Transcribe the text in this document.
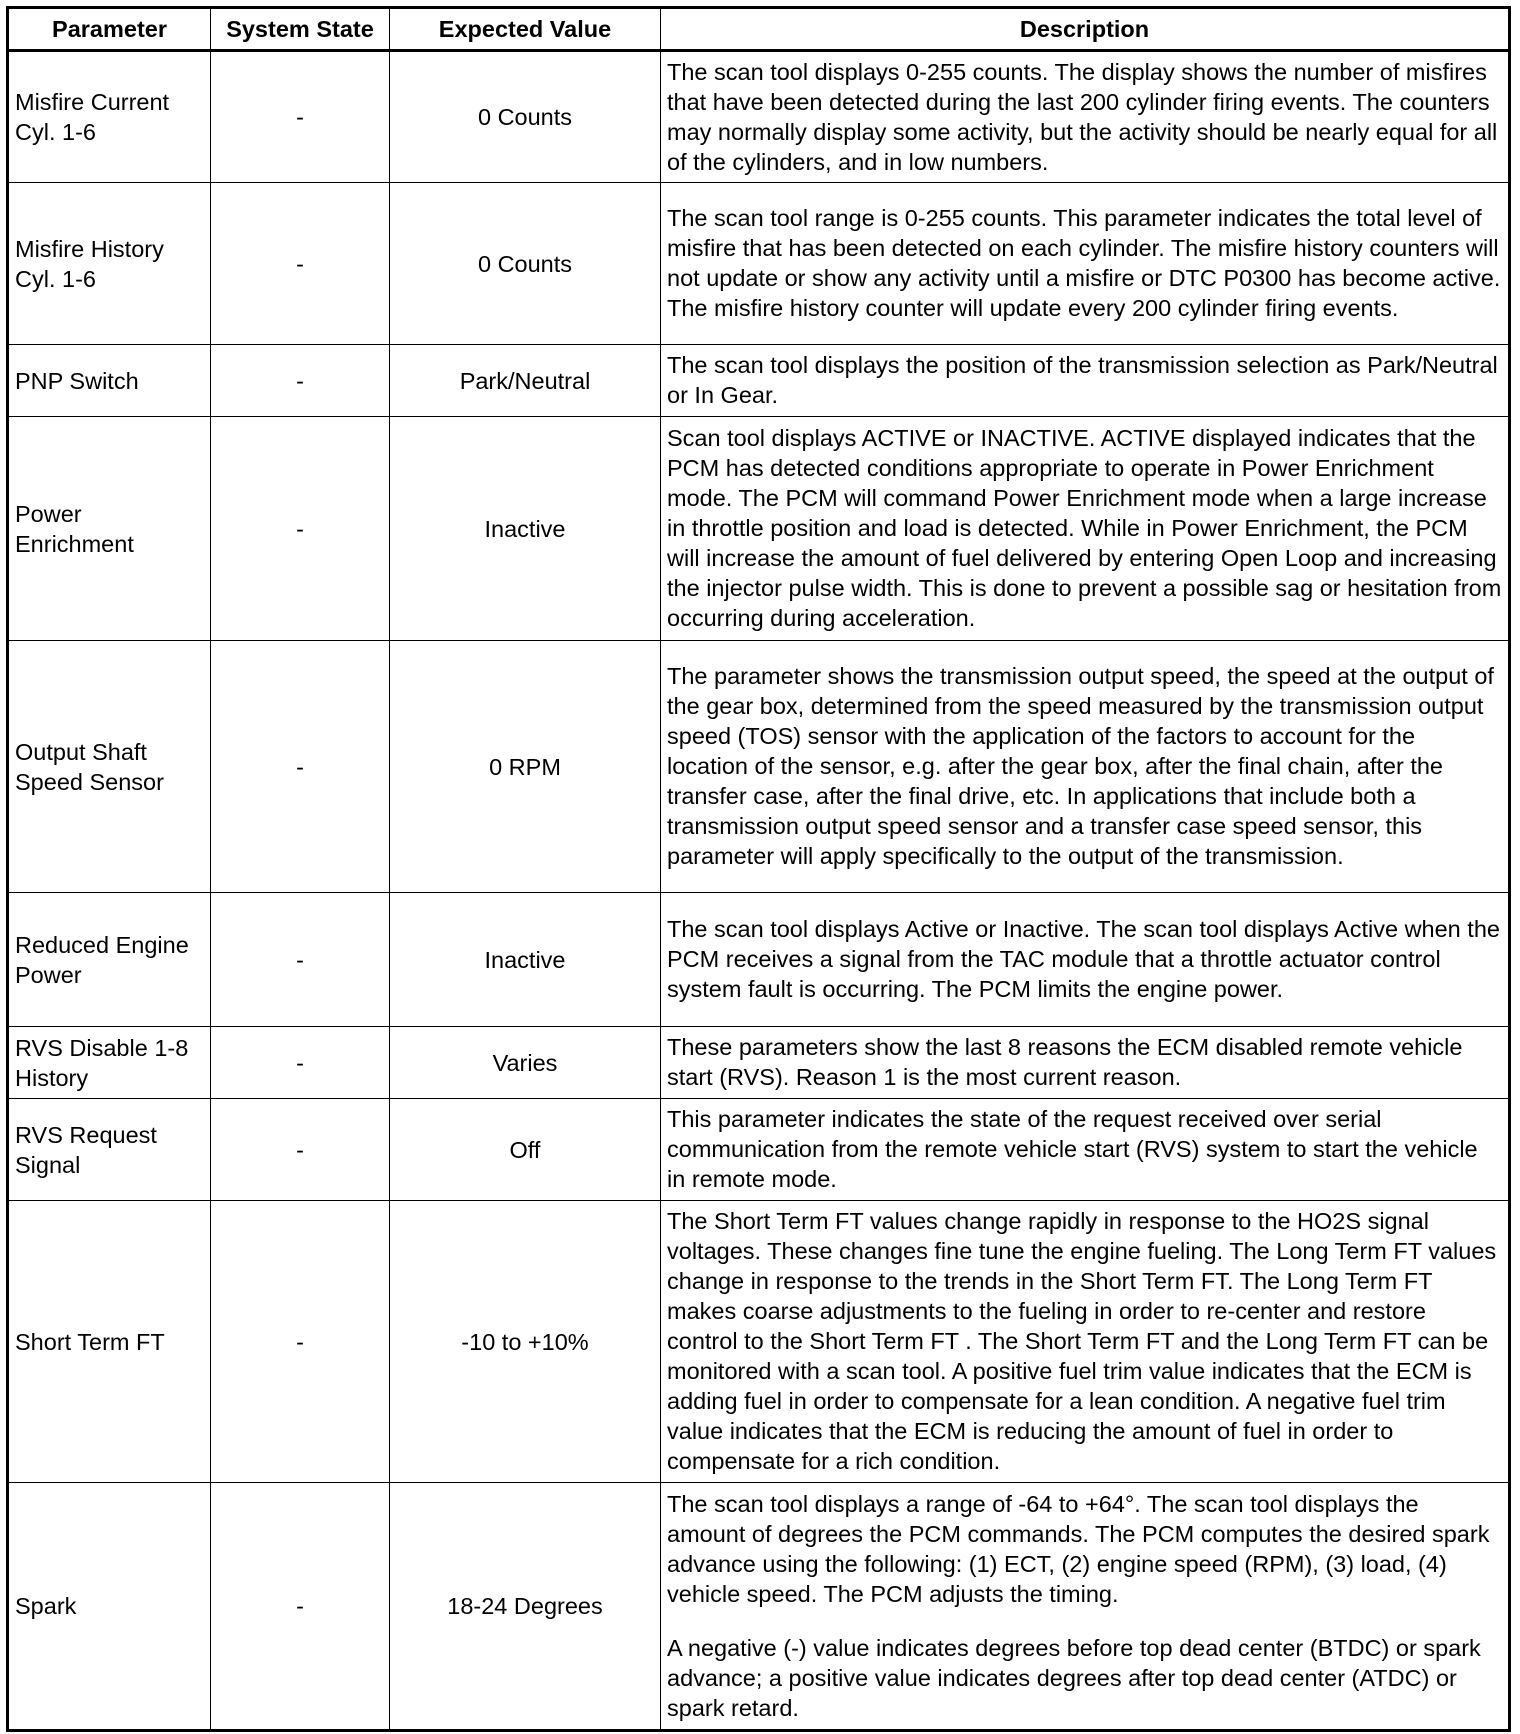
Parameter	System State	Expected Value	Description
Misfire Current Cyl. 1-6	-	0 Counts	The scan tool displays 0-255 counts. The display shows the number of misfires that have been detected during the last 200 cylinder firing events. The counters may normally display some activity, but the activity should be nearly equal for all of the cylinders, and in low numbers.

Misfire History Cyl. 1-6	-	0 Counts	The scan tool range is 0-255 counts. This parameter indicates the total level of misfire that has been detected on each cylinder. The misfire history counters will not update or show any activity until a misfire or DTC P0300 has become active. The misfire history counter will update every 200 cylinder firing events.

PNP Switch	-	Park/Neutral	The scan tool displays the position of the transmission selection as Park/Neutral or In Gear.

Power Enrichment	-	Inactive	Scan tool displays ACTIVE or INACTIVE. ACTIVE displayed indicates that the PCM has detected conditions appropriate to operate in Power Enrichment mode. The PCM will command Power Enrichment mode when a large increase in throttle position and load is detected. While in Power Enrichment, the PCM will increase the amount of fuel delivered by entering Open Loop and increasing the injector pulse width. This is done to prevent a possible sag or hesitation from occurring during acceleration.

Output Shaft Speed Sensor	-	0 RPM	The parameter shows the transmission output speed, the speed at the output of the gear box, determined from the speed measured by the transmission output speed (TOS) sensor with the application of the factors to account for the location of the sensor, e.g. after the gear box, after the final chain, after the transfer case, after the final drive, etc. In applications that include both a transmission output speed sensor and a transfer case speed sensor, this parameter will apply specifically to the output of the transmission.

Reduced Engine Power	-	Inactive	The scan tool displays Active or Inactive. The scan tool displays Active when the PCM receives a signal from the TAC module that a throttle actuator control system fault is occurring. The PCM limits the engine power.

RVS Disable 1-8 History	-	Varies	These parameters show the last 8 reasons the ECM disabled remote vehicle start (RVS). Reason 1 is the most current reason.

RVS Request Signal	-	Off	This parameter indicates the state of the request received over serial communication from the remote vehicle start (RVS) system to start the vehicle in remote mode.

Short Term FT	-	-10 to +10%	The Short Term FT values change rapidly in response to the HO2S signal voltages. These changes fine tune the engine fueling. The Long Term FT values change in response to the trends in the Short Term FT. The Long Term FT makes coarse adjustments to the fueling in order to re-center and restore control to the Short Term FT . The Short Term FT and the Long Term FT can be monitored with a scan tool. A positive fuel trim value indicates that the ECM is adding fuel in order to compensate for a lean condition. A negative fuel trim value indicates that the ECM is reducing the amount of fuel in order to compensate for a rich condition.

Spark	-	18-24 Degrees	The scan tool displays a range of -64 to +64°. The scan tool displays the amount of degrees the PCM commands. The PCM computes the desired spark advance using the following: (1) ECT, (2) engine speed (RPM), (3) load, (4) vehicle speed. The PCM adjusts the timing.

A negative (-) value indicates degrees before top dead center (BTDC) or spark advance; a positive value indicates degrees after top dead center (ATDC) or spark retard.
